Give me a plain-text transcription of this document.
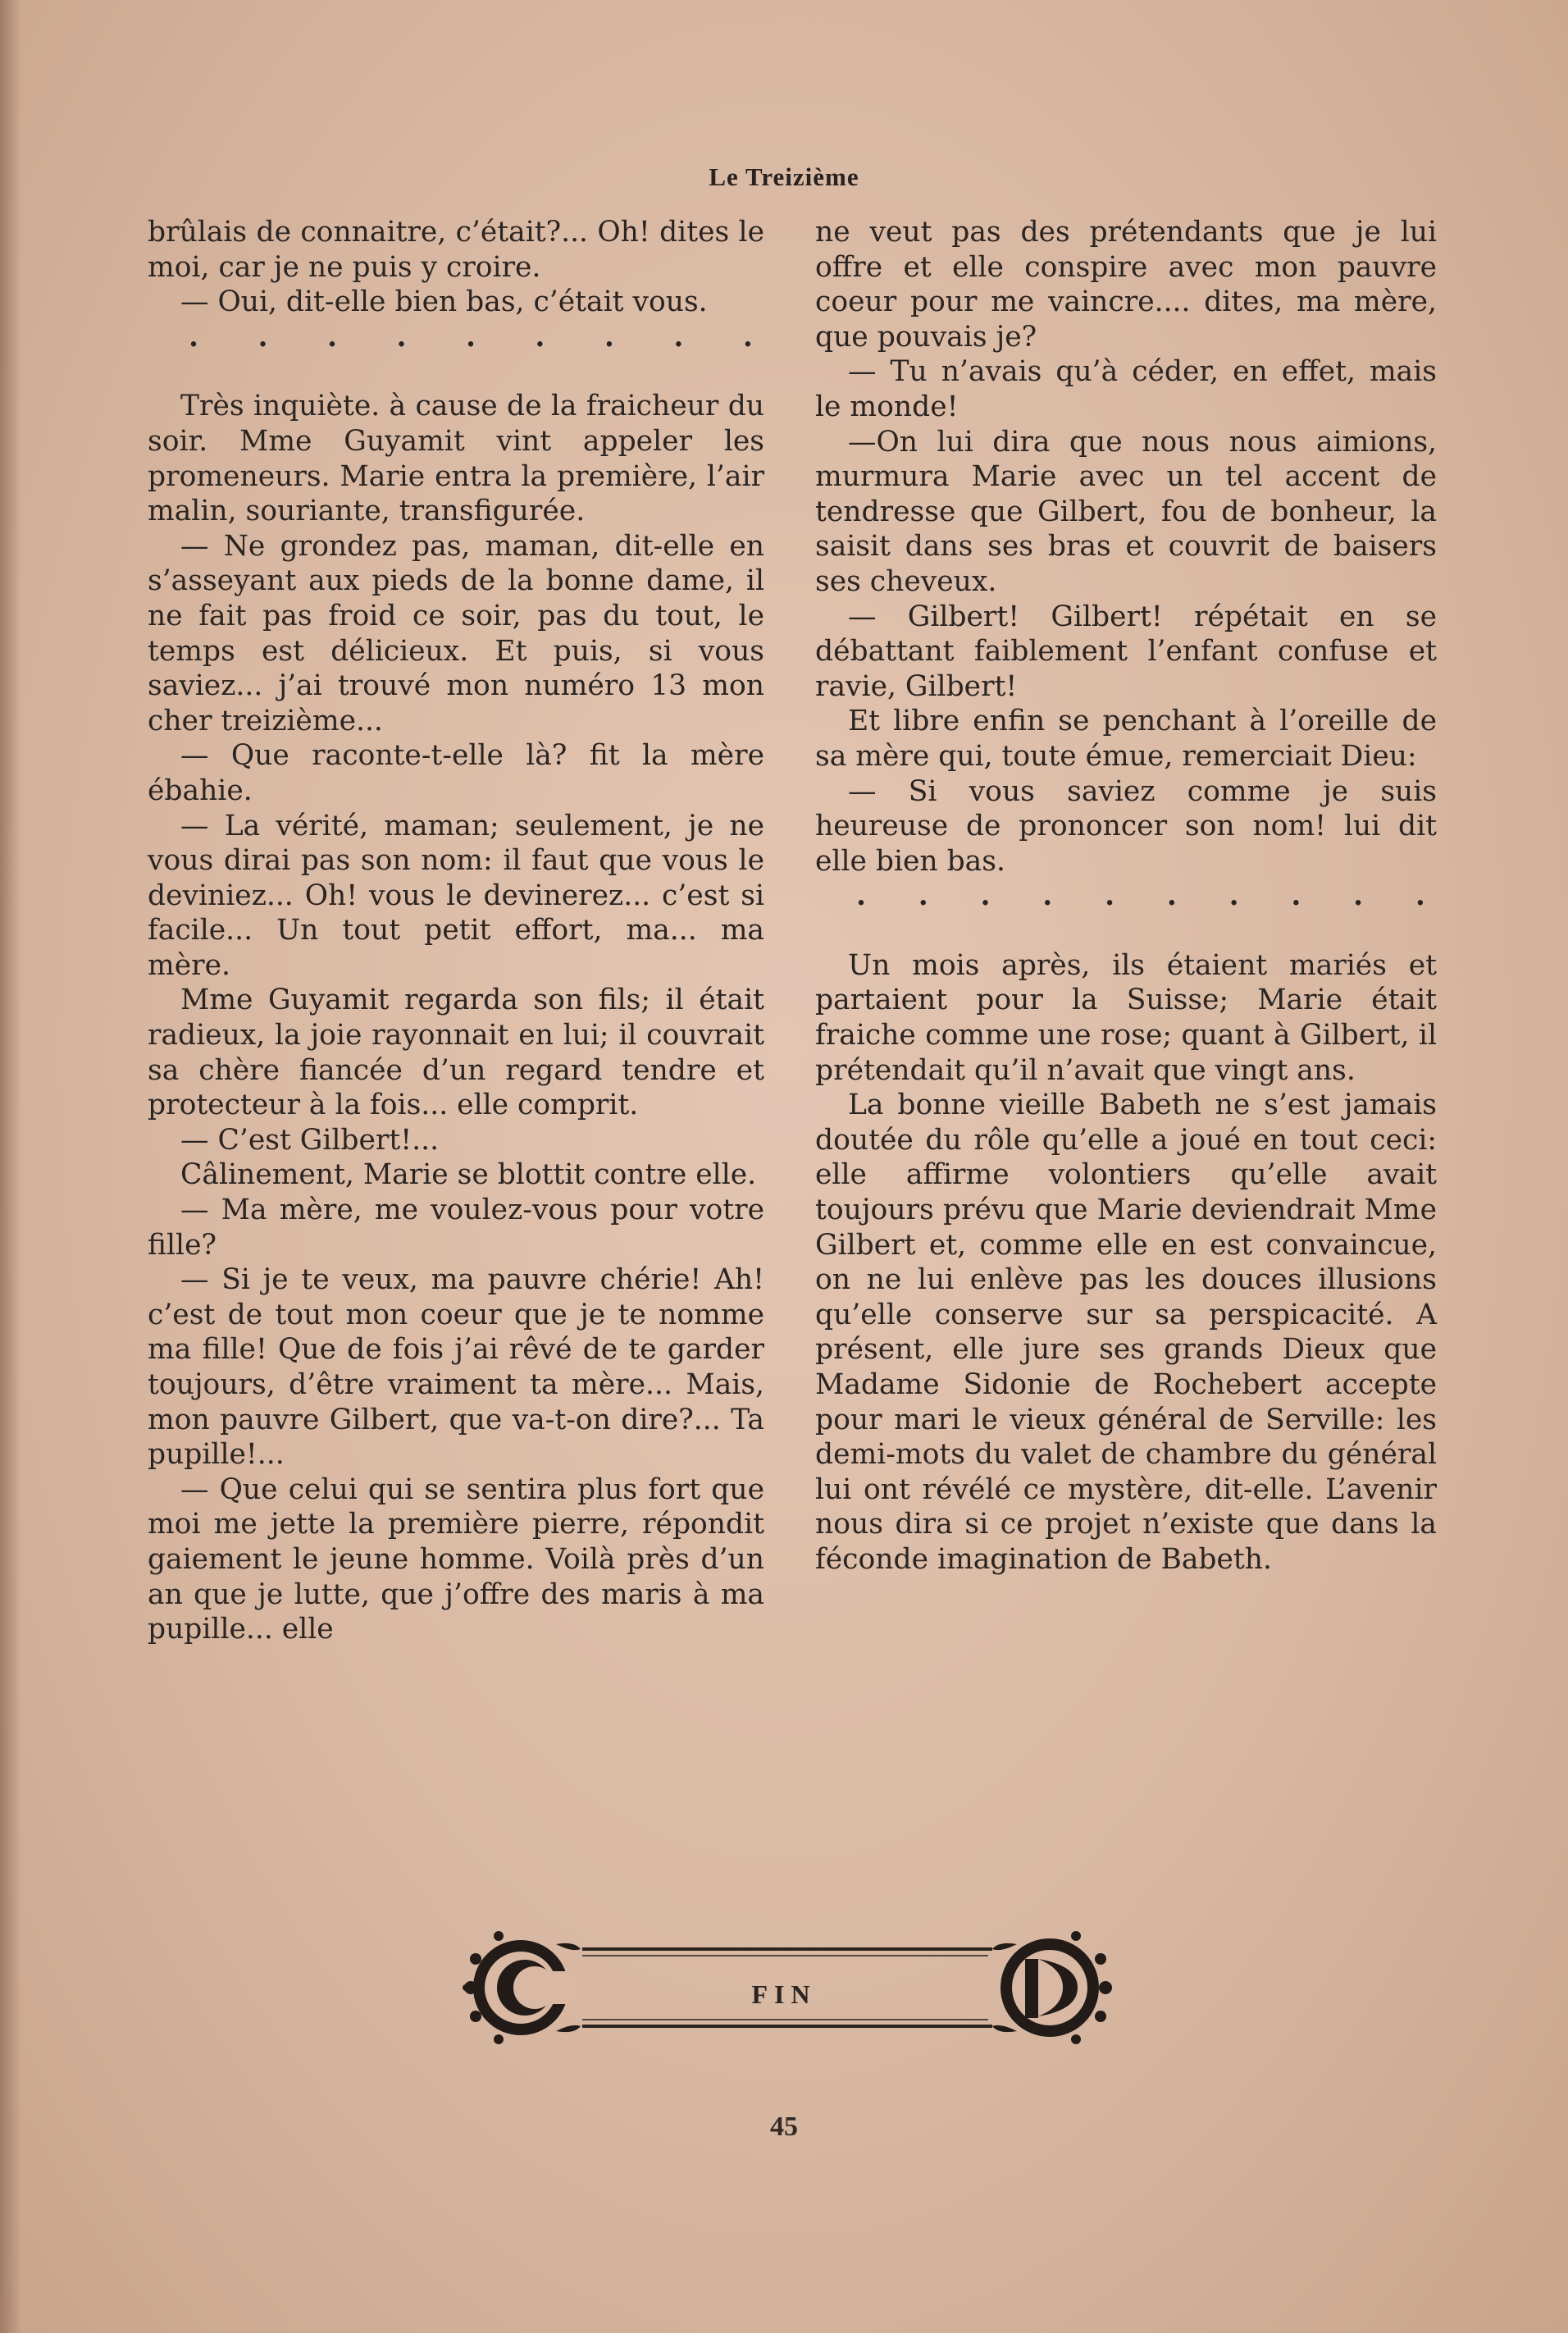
Le Treizième

brûlais de connaitre, c’était?... Oh! dites le moi, car je ne puis y croire.

— Oui, dit-elle bien bas, c’était vous.

. . . . . . . . .

Très inquiète. à cause de la fraicheur du soir. Mme Guyamit vint appeler les promeneurs. Marie entra la première, l’air malin, souriante, transfigurée.

— Ne grondez pas, maman, dit-elle en s’asseyant aux pieds de la bonne dame, il ne fait pas froid ce soir, pas du tout, le temps est délicieux. Et puis, si vous saviez... j’ai trouvé mon numéro 13 mon cher treizième...

— Que raconte-t-elle là? fit la mère ébahie.

— La vérité, maman; seulement, je ne vous dirai pas son nom: il faut que vous le deviniez... Oh! vous le devinerez... c’est si facile... Un tout petit effort, ma... ma mère.

Mme Guyamit regarda son fils; il était radieux, la joie rayonnait en lui; il couvrait sa chère fiancée d’un regard tendre et protecteur à la fois... elle comprit.

— C’est Gilbert!...

Câlinement, Marie se blottit contre elle.

— Ma mère, me voulez-vous pour votre fille?

— Si je te veux, ma pauvre chérie! Ah! c’est de tout mon coeur que je te nomme ma fille! Que de fois j’ai rêvé de te garder toujours, d’être vraiment ta mère... Mais, mon pauvre Gilbert, que va-t-on dire?... Ta pupille!...

— Que celui qui se sentira plus fort que moi me jette la première pierre, répondit gaiement le jeune homme. Voilà près d’un an que je lutte, que j’offre des maris à ma pupille... elle

ne veut pas des prétendants que je lui offre et elle conspire avec mon pauvre coeur pour me vaincre.... dites, ma mère, que pouvais je?

— Tu n’avais qu’à céder, en effet, mais le monde!

—On lui dira que nous nous aimions, murmura Marie avec un tel accent de tendresse que Gilbert, fou de bonheur, la saisit dans ses bras et couvrit de baisers ses cheveux.

— Gilbert! Gilbert! répétait en se débattant faiblement l’enfant confuse et ravie, Gilbert!

Et libre enfin se penchant à l’oreille de sa mère qui, toute émue, remerciait Dieu:

— Si vous saviez comme je suis heureuse de prononcer son nom! lui dit elle bien bas.

. . . . . . . . . .

Un mois après, ils étaient mariés et partaient pour la Suisse; Marie était fraiche comme une rose; quant à Gilbert, il prétendait qu’il n’avait que vingt ans.

La bonne vieille Babeth ne s’est jamais doutée du rôle qu’elle a joué en tout ceci: elle affirme volontiers qu’elle avait toujours prévu que Marie deviendrait Mme Gilbert et, comme elle en est convaincue, on ne lui enlève pas les douces illusions qu’elle conserve sur sa perspicacité. A présent, elle jure ses grands Dieux que Madame Sidonie de Rochebert accepte pour mari le vieux général de Serville: les demi-mots du valet de chambre du général lui ont révélé ce mystère, dit-elle. L’avenir nous dira si ce projet n’existe que dans la féconde imagination de Babeth.

FIN
45
